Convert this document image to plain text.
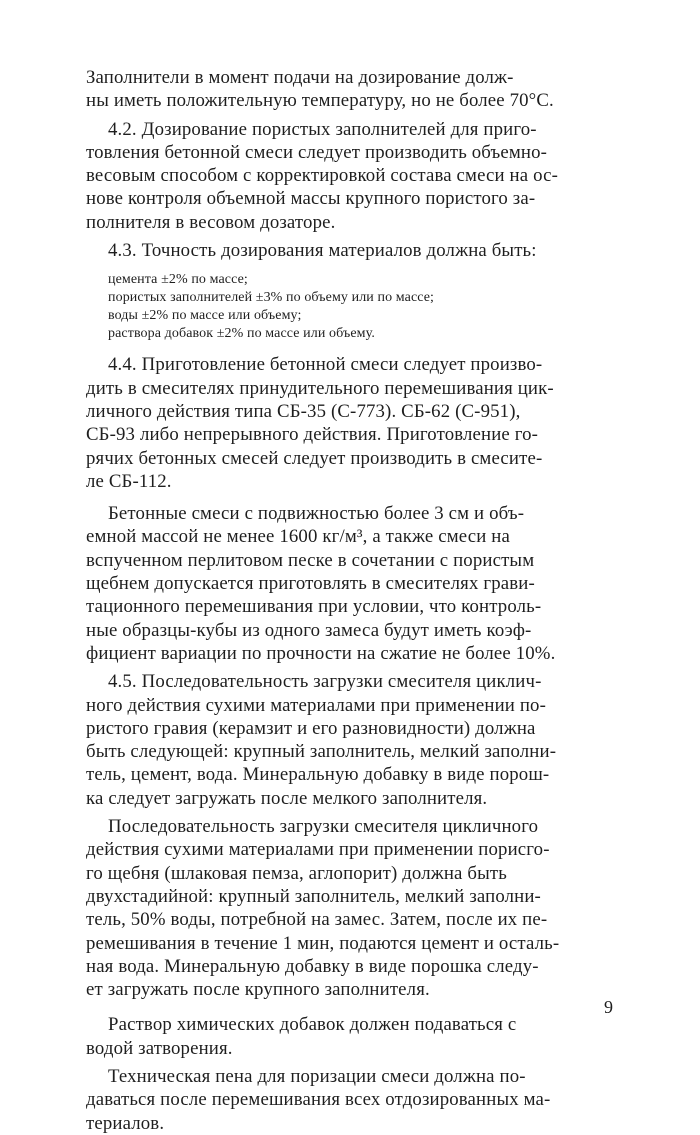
Заполнители в момент подачи на дозирование долж-
ны иметь положительную температуру, но не более 70°С.

4.2. Дозирование пористых заполнителей для приго-
товления бетонной смеси следует производить объемно-
весовым способом с корректировкой состава смеси на ос-
нове контроля объемной массы крупного пористого за-
полнителя в весовом дозаторе.

4.3. Точность дозирования материалов должна быть:

цемента ±2% по массе;
пористых заполнителей ±3% по объему или по массе;
воды ±2% по массе или объему;
раствора добавок ±2% по массе или объему.

4.4. Приготовление бетонной смеси следует произво-
дить в смесителях принудительного перемешивания цик-
личного действия типа СБ-35 (С-773). СБ-62 (С-951),
СБ-93 либо непрерывного действия. Приготовление го-
рячих бетонных смесей следует производить в смесите-
ле СБ-112.

Бетонные смеси с подвижностью более 3 см и объ-
емной массой не менее 1600 кг/м³, а также смеси на
вспученном перлитовом песке в сочетании с пористым
щебнем допускается приготовлять в смесителях грави-
тационного перемешивания при условии, что контроль-
ные образцы-кубы из одного замеса будут иметь коэф-
фициент вариации по прочности на сжатие не более 10%.

4.5. Последовательность загрузки смесителя циклич-
ного действия сухими материалами при применении по-
ристого гравия (керамзит и его разновидности) должна
быть следующей: крупный заполнитель, мелкий заполни-
тель, цемент, вода. Минеральную добавку в виде порош-
ка следует загружать после мелкого заполнителя.

Последовательность загрузки смесителя цикличного
действия сухими материалами при применении порисго-
го щебня (шлаковая пемза, аглопорит) должна быть
двухстадийной: крупный заполнитель, мелкий заполни-
тель, 50% воды, потребной на замес. Затем, после их пе-
ремешивания в течение 1 мин, подаются цемент и осталь-
ная вода. Минеральную добавку в виде порошка следу-
ет загружать после крупного заполнителя.

Раствор химических добавок должен подаваться с
водой затворения.

Техническая пена для поризации смеси должна по-
даваться после перемешивания всех отдозированных ма-
териалов.

9
